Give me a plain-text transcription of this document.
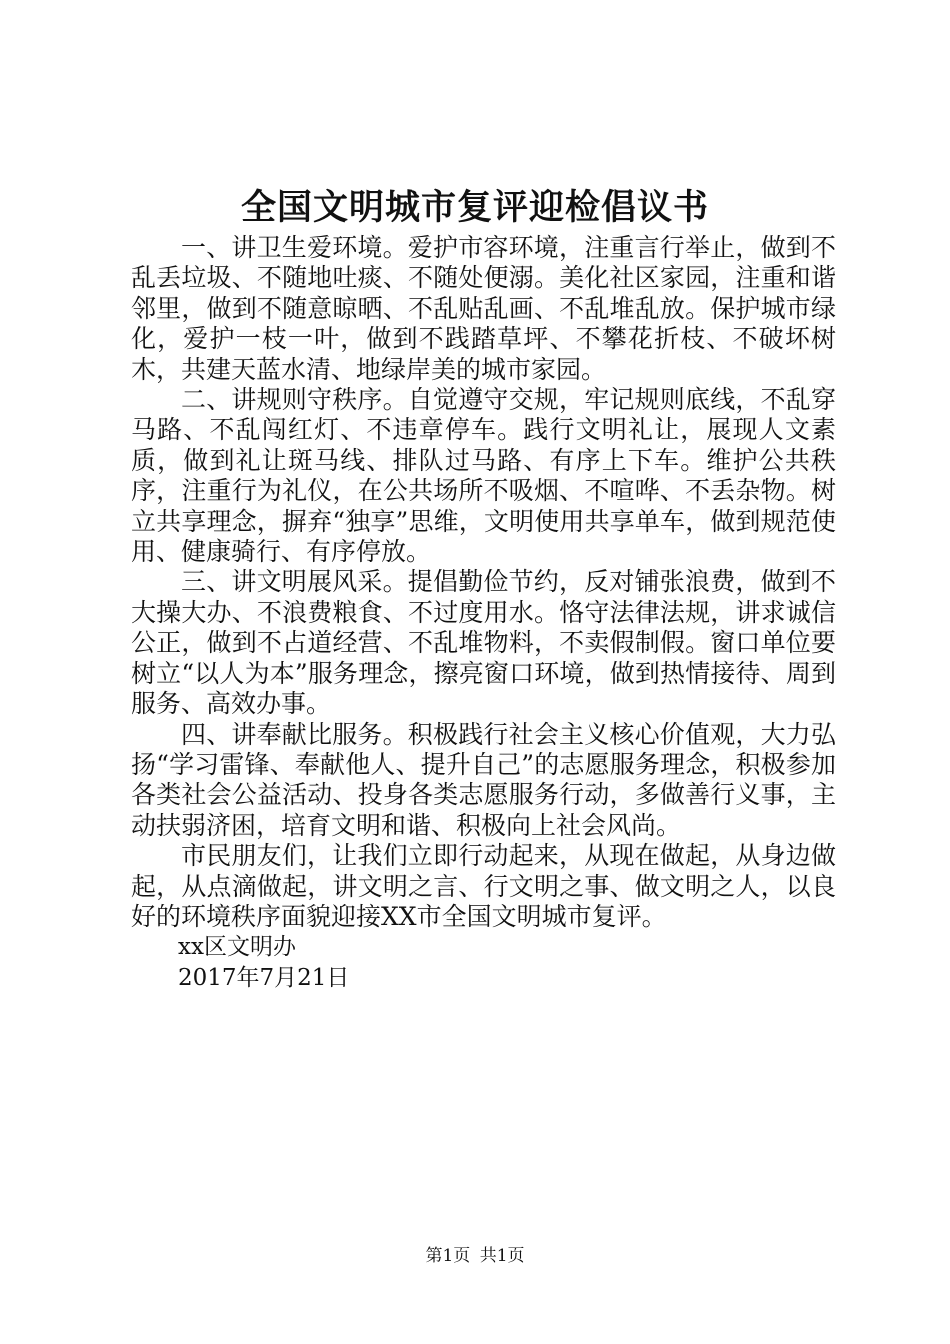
全国文明城市复评迎检倡议书

一、讲卫生爱环境。爱护市容环境，注重言行举止，做到不乱丢垃圾、不随地吐痰、不随处便溺。美化社区家园，注重和谐邻里，做到不随意晾晒、不乱贴乱画、不乱堆乱放。保护城市绿化，爱护一枝一叶，做到不践踏草坪、不攀花折枝、不破坏树木，共建天蓝水清、地绿岸美的城市家园。

二、讲规则守秩序。自觉遵守交规，牢记规则底线，不乱穿马路、不乱闯红灯、不违章停车。践行文明礼让，展现人文素质，做到礼让斑马线、排队过马路、有序上下车。维护公共秩序，注重行为礼仪，在公共场所不吸烟、不喧哗、不丢杂物。树立共享理念，摒弃“独享”思维，文明使用共享单车，做到规范使用、健康骑行、有序停放。

三、讲文明展风采。提倡勤俭节约，反对铺张浪费，做到不大操大办、不浪费粮食、不过度用水。恪守法律法规，讲求诚信公正，做到不占道经营、不乱堆物料，不卖假制假。窗口单位要树立“以人为本”服务理念，擦亮窗口环境，做到热情接待、周到服务、高效办事。

四、讲奉献比服务。积极践行社会主义核心价值观，大力弘扬“学习雷锋、奉献他人、提升自己”的志愿服务理念，积极参加各类社会公益活动、投身各类志愿服务行动，多做善行义事，主动扶弱济困，培育文明和谐、积极向上社会风尚。

市民朋友们，让我们立即行动起来，从现在做起，从身边做起，从点滴做起，讲文明之言、行文明之事、做文明之人，以良好的环境秩序面貌迎接XX市全国文明城市复评。

xx区文明办

2017年7月21日

第1页 共1页
